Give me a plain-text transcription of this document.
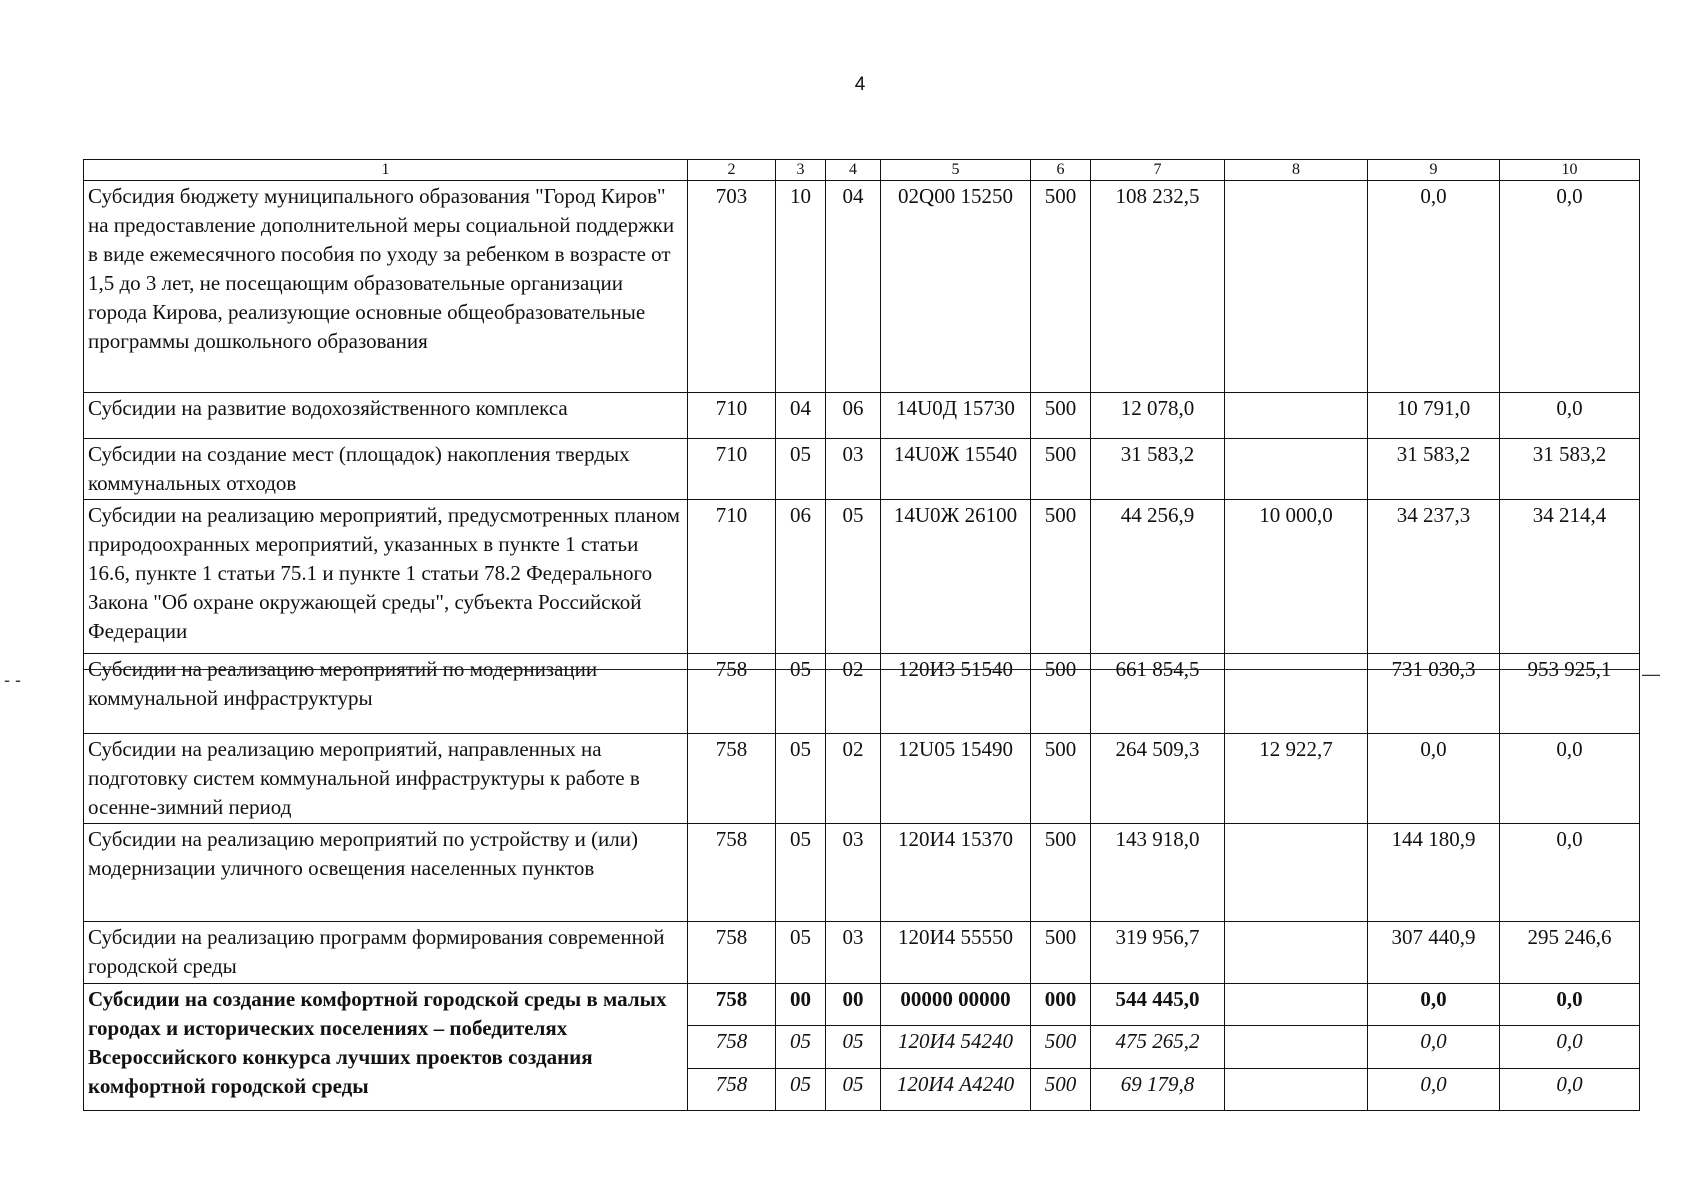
4
- -	—
1	2	3	4	5	6	7	8	9	10
Субсидия бюджету муниципального образования "Город Киров" на предоставление дополнительной меры социальной поддержки в виде ежемесячного пособия по уходу за ребенком в возрасте от 1,5 до 3 лет, не посещающим образовательные организации города Кирова, реализующие основные общеобразовательные программы дошкольного образования	703	10	04	02Q00 15250	500	108 232,5		0,0	0,0
Субсидии на развитие водохозяйственного комплекса	710	04	06	14U0Д 15730	500	12 078,0		10 791,0	0,0
Субсидии на создание мест (площадок) накопления твердых коммунальных отходов	710	05	03	14U0Ж 15540	500	31 583,2		31 583,2	31 583,2
Субсидии на реализацию мероприятий, предусмотренных планом природоохранных мероприятий, указанных в пункте 1 статьи 16.6, пункте 1 статьи 75.1 и пункте 1 статьи 78.2 Федерального Закона "Об охране окружающей среды", субъекта Российской Федерации	710	06	05	14U0Ж 26100	500	44 256,9	10 000,0	34 237,3	34 214,4
Субсидии на реализацию мероприятий по модернизации коммунальной инфраструктуры	758	05	02	120И3 51540	500	661 854,5		731 030,3	953 925,1
Субсидии на реализацию мероприятий, направленных на подготовку систем коммунальной инфраструктуры к работе в осенне-зимний период	758	05	02	12U05 15490	500	264 509,3	12 922,7	0,0	0,0
Субсидии на реализацию мероприятий по устройству и (или) модернизации уличного освещения населенных пунктов	758	05	03	120И4 15370	500	143 918,0		144 180,9	0,0
Субсидии на реализацию программ формирования современной городской среды	758	05	03	120И4 55550	500	319 956,7		307 440,9	295 246,6
Субсидии на создание комфортной городской среды в малых городах и исторических поселениях – победителях Всероссийского конкурса лучших проектов создания комфортной городской среды	758	00	00	00000 00000	000	544 445,0		0,0	0,0
	758	05	05	120И4 54240	500	475 265,2		0,0	0,0
	758	05	05	120И4 А4240	500	69 179,8		0,0	0,0
